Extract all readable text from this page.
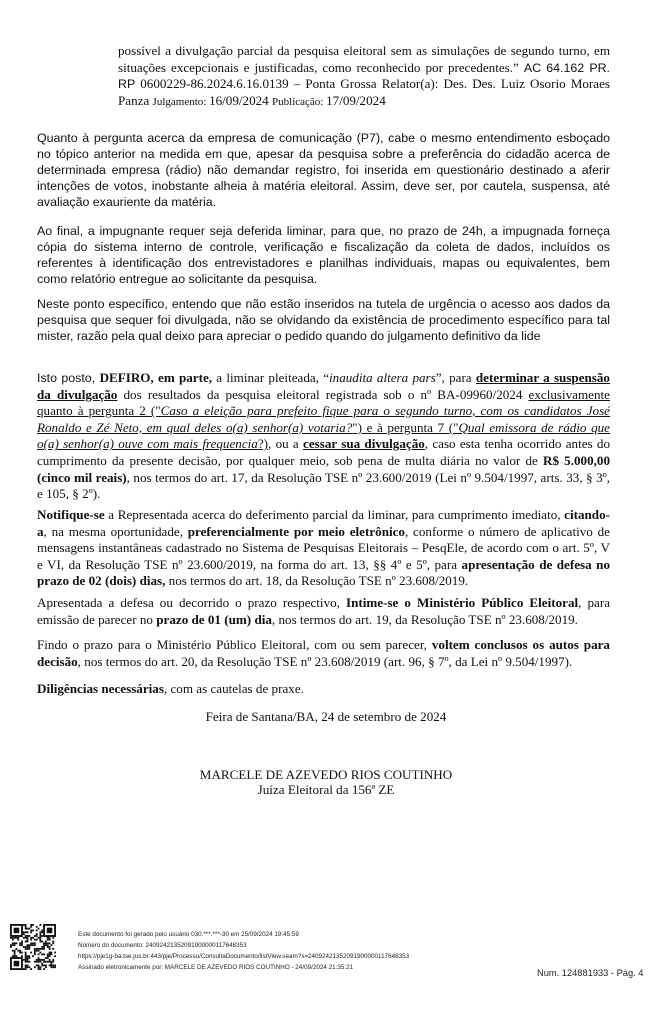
possível a divulgação parcial da pesquisa eleitoral sem as simulações de segundo turno, em situações excepcionais e justificadas, como reconhecido por precedentes.” AC 64.162 PR. RP 0600229-86.2024.6.16.0139 – Ponta Grossa Relator(a): Des. Des. Luiz Osorio Moraes Panza Julgamento: 16/09/2024 Publicação: 17/09/2024
Quanto à pergunta acerca da empresa de comunicação (P7), cabe o mesmo entendimento esboçado no tópico anterior na medida em que, apesar da pesquisa sobre a preferência do cidadão acerca de determinada empresa (rádio) não demandar registro, foi inserida em questionário destinado a aferir intenções de votos, inobstante alheia à matéria eleitoral. Assim, deve ser, por cautela, suspensa, até avaliação exauriente da matéria.
Ao final, a impugnante requer seja deferida liminar, para que, no prazo de 24h, a impugnada forneça cópia do sistema interno de controle, verificação e fiscalização da coleta de dados, incluídos os referentes à identificação dos entrevistadores e planilhas individuais, mapas ou equivalentes, bem como relatório entregue ao solicitante da pesquisa.
Neste ponto específico, entendo que não estão inseridos na tutela de urgência o acesso aos dados da pesquisa que sequer foi divulgada, não se olvidando da existência de procedimento específico para tal mister, razão pela qual deixo para apreciar o pedido quando do julgamento definitivo da lide
Isto posto, DEFIRO, em parte, a liminar pleiteada, “inaudita altera pars”, para determinar a suspensão da divulgação dos resultados da pesquisa eleitoral registrada sob o nº BA-09960/2024 exclusivamente quanto à pergunta 2 ("Caso a eleição para prefeito fique para o segundo turno, com os candidatos José Ronaldo e Zé Neto, em qual deles o(a) senhor(a) votaria?") e à pergunta 7 ("Qual emissora de rádio que o(a) senhor(a) ouve com mais frequencia?), ou a cessar sua divulgação, caso esta tenha ocorrido antes do cumprimento da presente decisão, por qualquer meio, sob pena de multa diária no valor de R$ 5.000,00 (cinco mil reais), nos termos do art. 17, da Resolução TSE nº 23.600/2019 (Lei nº 9.504/1997, arts. 33, § 3º, e 105, § 2º).
Notifique-se a Representada acerca do deferimento parcial da liminar, para cumprimento imediato, citando-a, na mesma oportunidade, preferencialmente por meio eletrônico, conforme o número de aplicativo de mensagens instantâneas cadastrado no Sistema de Pesquisas Eleitorais – PesqEle, de acordo com o art. 5º, V e VI, da Resolução TSE nº 23.600/2019, na forma do art. 13, §§ 4º e 5º, para apresentação de defesa no prazo de 02 (dois) dias, nos termos do art. 18, da Resolução TSE nº 23.608/2019.
Apresentada a defesa ou decorrido o prazo respectivo, Intime-se o Ministério Público Eleitoral, para emissão de parecer no prazo de 01 (um) dia, nos termos do art. 19, da Resolução TSE nº 23.608/2019.
Findo o prazo para o Ministério Público Eleitoral, com ou sem parecer, voltem conclusos os autos para decisão, nos termos do art. 20, da Resolução TSE nº 23.608/2019 (art. 96, § 7º, da Lei nº 9.504/1997).
Diligências necessárias, com as cautelas de praxe.
Feira de Santana/BA, 24 de setembro de 2024
MARCELE DE AZEVEDO RIOS COUTINHO
Juíza Eleitoral da 156ª ZE
Este documento foi gerado pelo usuário 030.***.***-30 em 25/09/2024 19:45:59
Número do documento: 24092421352091900000117648353
https://pje1g-ba.tse.jus.br:443/pje/Processo/ConsultaDocumento/listView.seam?x=24092421352091900000117648353
Assinado eletronicamente por: MARCELE DE AZEVEDO RIOS COUTINHO - 24/09/2024 21:35:21
Num. 124881933 - Pág. 4
